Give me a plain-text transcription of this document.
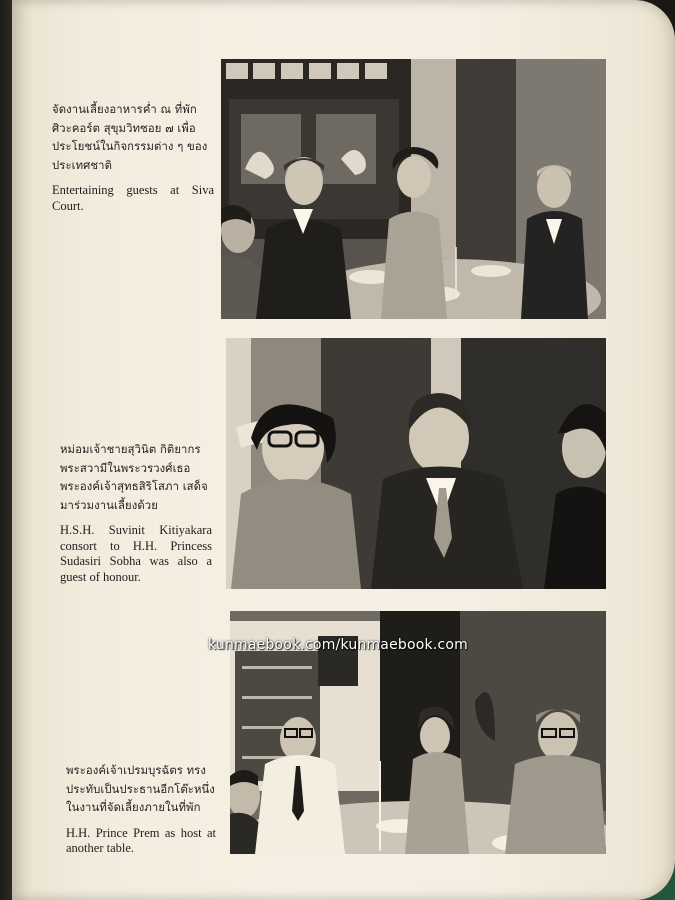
จัดงานเลี้ยงอาหารค่ำ ณ ที่พัก ศิวะคอร์ต สุขุมวิทซอย ๗ เพื่อ ประโยชน์ในกิจกรรมต่าง ๆ ของ ประเทศชาติ

Entertaining guests at Siva Court.

หม่อมเจ้าชายสุวินิต กิติยากร พระสวามีในพระวรวงศ์เธอ พระองค์เจ้าสุทธสิริโสภา เสด็จ มาร่วมงานเลี้ยงด้วย

H.S.H. Suvinit Kitiyakara consort to H.H. Princess Sudasiri Sobha was also a guest of honour.

พระองค์เจ้าเปรมบุรฉัตร ทรง ประทับเป็นประธานอีกโต๊ะหนึ่ง ในงานที่จัดเลี้ยงภายในที่พัก

H.H. Prince Prem as host at another table.

kunmaebook.com/kunmaebook.com
